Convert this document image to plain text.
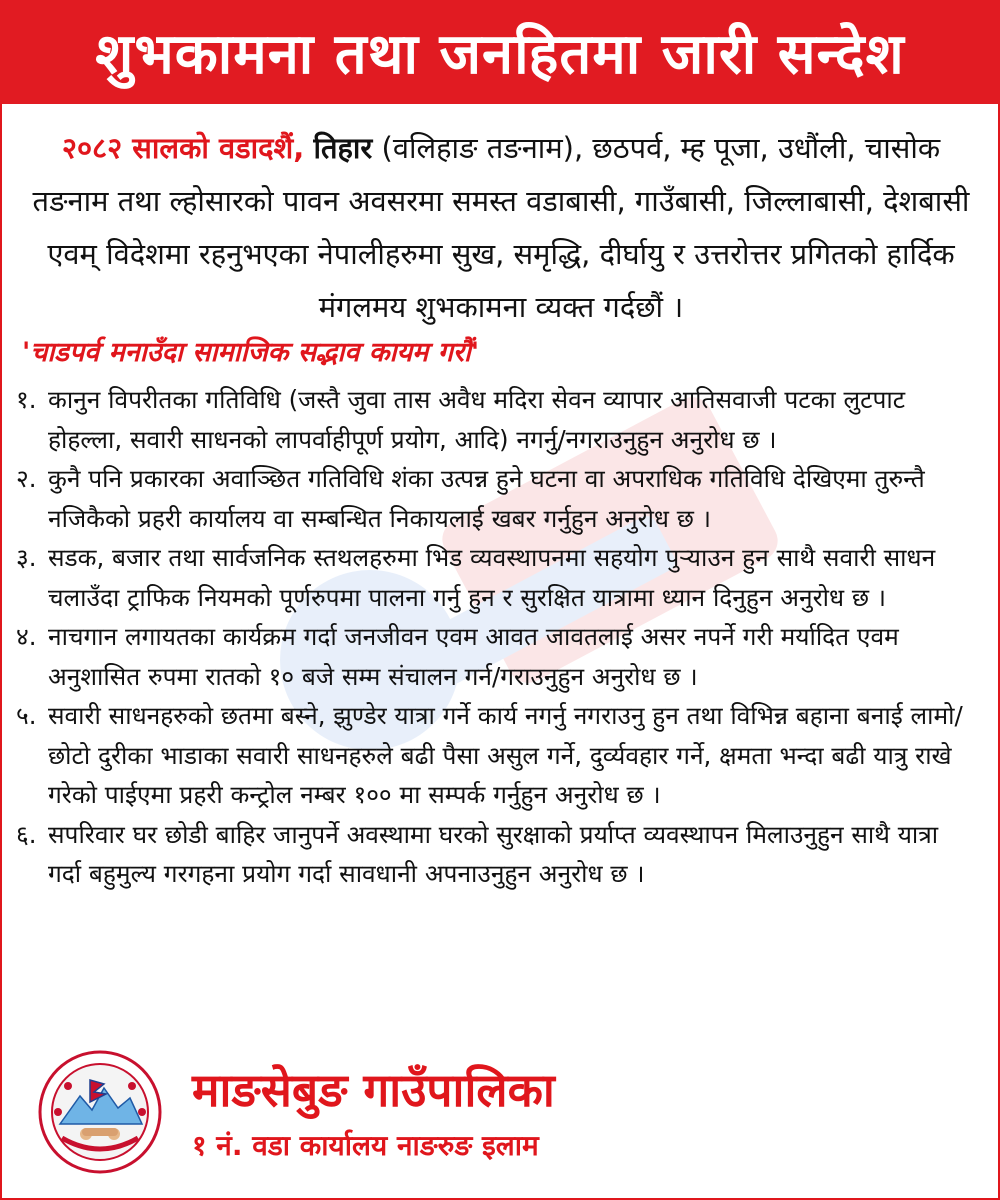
शुभकामना तथा जनहितमा जारी सन्देश
२०८२ सालको वडादशैं, तिहार (वलिहाङ तङनाम), छठपर्व, म्ह पूजा, उधौंली, चासोक तङनाम तथा ल्होसारको पावन अवसरमा समस्त वडाबासी, गाउँबासी, जिल्लाबासी, देशबासी एवम् विदेशमा रहनुभएका नेपालीहरुमा सुख, समृद्धि, दीर्घायु र उत्तरोत्तर प्रगितको हार्दिक मंगलमय शुभकामना व्यक्त गर्दछौं ।
'चाडपर्व मनाउँदा सामाजिक सद्भाव कायम गरौं'
१. कानुन विपरीतका गतिविधि (जस्तै जुवा तास अवैध मदिरा सेवन व्यापार आतिसवाजी पटका लुटपाट होहल्ला, सवारी साधनको लापर्वाहीपूर्ण प्रयोग, आदि) नगर्नु/नगराउनुहुन अनुरोध छ ।
२. कुनै पनि प्रकारका अवाञ्छित गतिविधि शंका उत्पन्न हुने घटना वा अपराधिक गतिविधि देखिएमा तुरुन्तै नजिकैको प्रहरी कार्यालय वा सम्बन्धित निकायलाई खबर गर्नुहुन अनुरोध छ ।
३. सडक, बजार तथा सार्वजनिक स्तथलहरुमा भिड व्यवस्थापनमा सहयोग पुऱ्याउन हुन साथै सवारी साधन चलाउँदा ट्राफिक नियमको पूर्णरुपमा पालना गर्नु हुन र सुरक्षित यात्रामा ध्यान दिनुहुन अनुरोध छ ।
४. नाचगान लगायतका कार्यक्रम गर्दा जनजीवन एवम आवत जावतलाई असर नपर्ने गरी मर्यादित एवम अनुशासित रुपमा रातको १० बजे सम्म संचालन गर्न/गराउनुहुन अनुरोध छ ।
५. सवारी साधनहरुको छतमा बस्ने, झुण्डेर यात्रा गर्ने कार्य नगर्नु नगराउनु हुन तथा विभिन्न बहाना बनाई लामो/छोटो दुरीका भाडाका सवारी साधनहरुले बढी पैसा असुल गर्ने, दुर्व्यवहार गर्ने, क्षमता भन्दा बढी यात्रु राखे गरेको पाईएमा प्रहरी कन्ट्रोल नम्बर १०० मा सम्पर्क गर्नुहुन अनुरोध छ ।
६. सपरिवार घर छोडी बाहिर जानुपर्ने अवस्थामा घरको सुरक्षाको प्रर्याप्त व्यवस्थापन मिलाउनुहुन साथै यात्रा गर्दा बहुमुल्य गरगहना प्रयोग गर्दा सावधानी अपनाउनुहुन अनुरोध छ ।
माङसेबुङ गाउँपालिका
१ नं. वडा कार्यालय नाङरुङ इलाम
